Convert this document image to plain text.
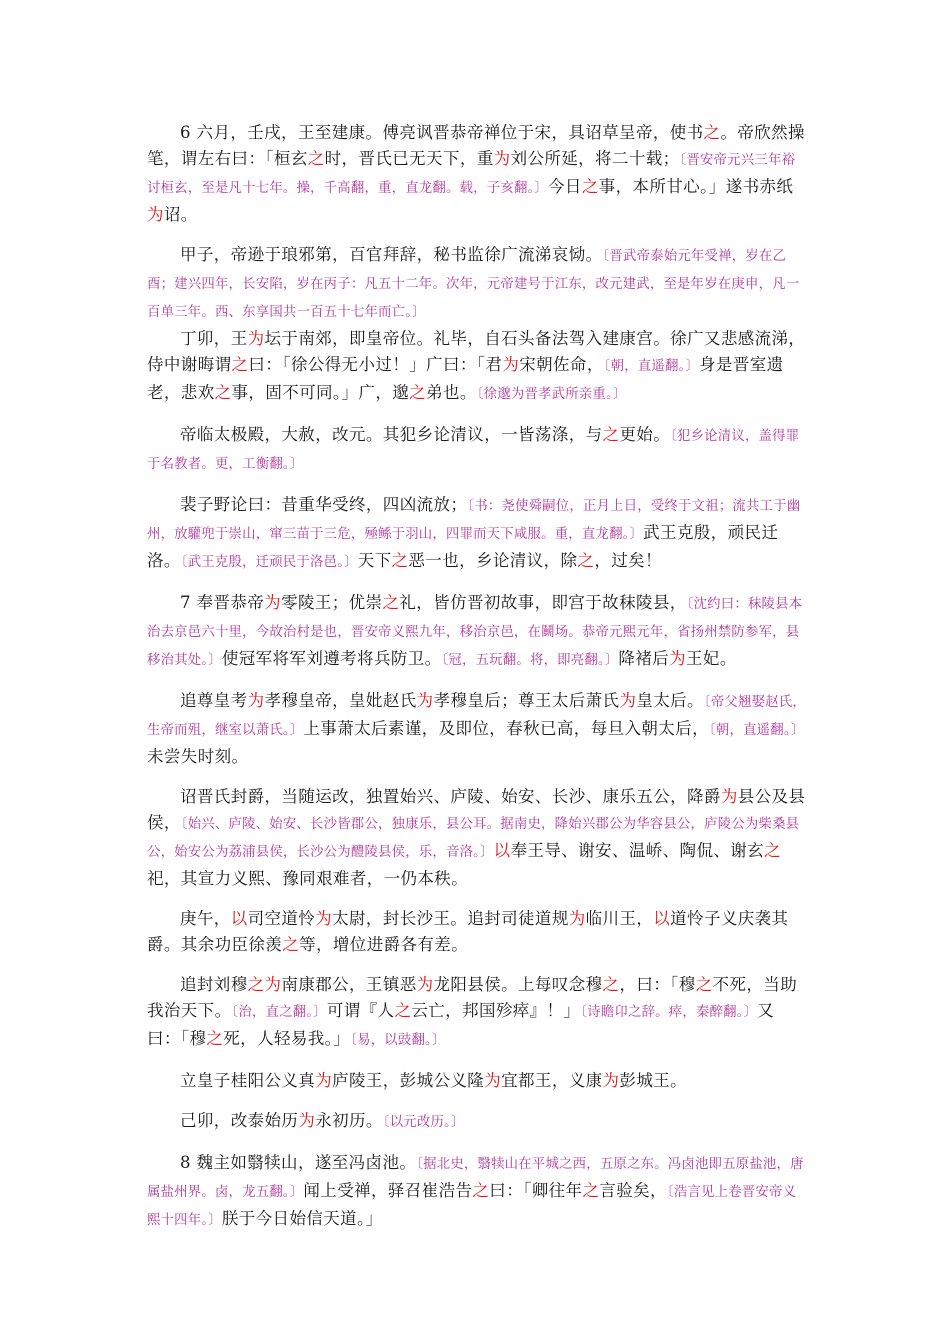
6 六月，壬戌，王至建康。傅亮讽晋恭帝禅位于宋，具诏草呈帝，使书之。帝欣然操笔，谓左右曰：「桓玄之时，晋氏已无天下，重为刘公所延，将二十载；〔晋安帝元兴三年裕讨桓玄，至是凡十七年。操，千高翻，重，直龙翻。载，子亥翻。〕今日之事，本所甘心。」遂书赤纸为诏。

甲子，帝逊于琅邪第，百官拜辞，秘书监徐广流涕哀恸。〔晋武帝泰始元年受禅，岁在乙酉；建兴四年，长安陷，岁在丙子：凡五十二年。次年，元帝建号于江东，改元建武，至是年岁在庚申，凡一百单三年。西、东享国共一百五十七年而亡。〕

丁卯，王为坛于南郊，即皇帝位。礼毕，自石头备法驾入建康宫。徐广又悲感流涕，侍中谢晦谓之曰：「徐公得无小过！」广曰：「君为宋朝佐命，〔朝，直遥翻。〕身是晋室遗老，悲欢之事，固不可同。」广，邈之弟也。〔徐邈为晋孝武所亲重。〕

帝临太极殿，大赦，改元。其犯乡论清议，一皆荡涤，与之更始。〔犯乡论清议，盖得罪于名教者。更，工衡翻。〕

裴子野论曰：昔重华受终，四凶流放；〔书：尧使舜嗣位，正月上日，受终于文祖；流共工于幽州，放驩兜于崇山，窜三苗于三危，殛鲧于羽山，四罪而天下咸服。重，直龙翻。〕武王克殷，顽民迁洛。〔武王克殷，迁顽民于洛邑。〕天下之恶一也，乡论清议，除之，过矣！

7 奉晋恭帝为零陵王；优崇之礼，皆仿晋初故事，即宫于故秣陵县，〔沈约曰：秣陵县本治去京邑六十里，今故治村是也，晋安帝义熙九年，移治京邑，在鬭场。恭帝元熙元年，省扬州禁防参军，县移治其处。〕使冠军将军刘遵考将兵防卫。〔冠，五玩翻。将，即亮翻。〕降褚后为王妃。

追尊皇考为孝穆皇帝，皇妣赵氏为孝穆皇后；尊王太后萧氏为皇太后。〔帝父翘娶赵氏，生帝而殂，继室以萧氏。〕上事萧太后素谨，及即位，春秋已高，每旦入朝太后，〔朝，直遥翻。〕未尝失时刻。

诏晋氏封爵，当随运改，独置始兴、庐陵、始安、长沙、康乐五公，降爵为县公及县侯，〔始兴、庐陵、始安、长沙皆郡公，独康乐，县公耳。据南史，降始兴郡公为华容县公，庐陵公为柴桑县公，始安公为荔浦县侯，长沙公为醴陵县侯，乐，音洛。〕以奉王导、谢安、温峤、陶侃、谢玄之祀，其宣力义熙、豫同艰难者，一仍本秩。

庚午，以司空道怜为太尉，封长沙王。追封司徒道规为临川王，以道怜子义庆袭其爵。其余功臣徐羡之等，增位进爵各有差。

追封刘穆之为南康郡公，王镇恶为龙阳县侯。上每叹念穆之，曰：「穆之不死，当助我治天下。〔治，直之翻。〕可谓『人之云亡，邦国殄瘁』！」〔诗瞻卬之辞。瘁，秦醉翻。〕又曰：「穆之死，人轻易我。」〔易，以豉翻。〕

立皇子桂阳公义真为庐陵王，彭城公义隆为宜都王，义康为彭城王。

己卯，改泰始历为永初历。〔以元改历。〕

8 魏主如翳犊山，遂至冯卤池。〔据北史，翳犊山在平城之西，五原之东。冯卤池即五原盐池，唐属盐州界。卤，龙五翻。〕闻上受禅，驿召崔浩告之曰：「卿往年之言验矣，〔浩言见上卷晋安帝义熙十四年。〕朕于今日始信天道。」
